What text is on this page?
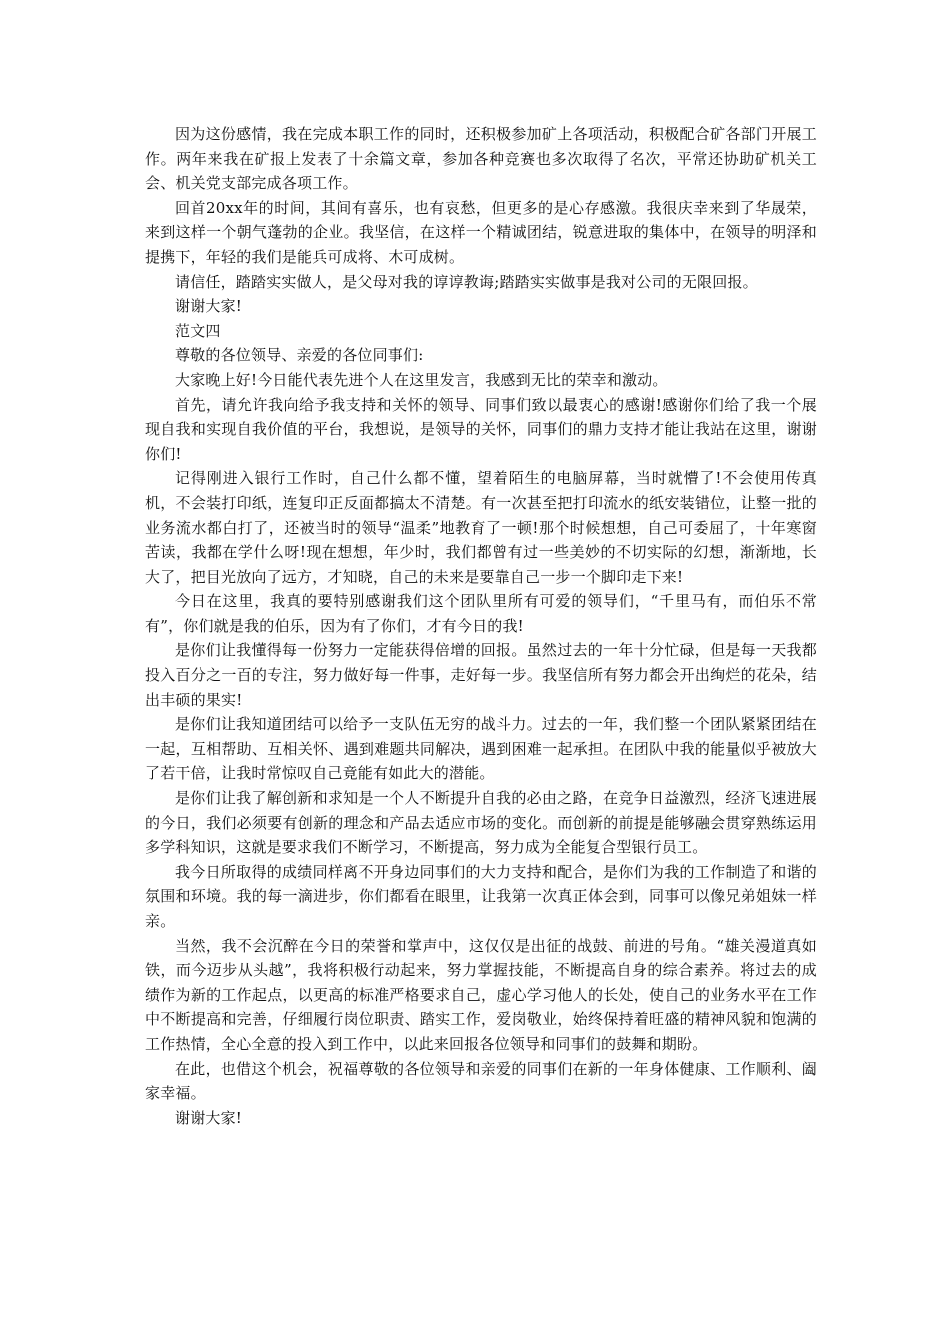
因为这份感情，我在完成本职工作的同时，还积极参加矿上各项活动，积极配合矿各部门开展工作。两年来我在矿报上发表了十余篇文章，参加各种竞赛也多次取得了名次，平常还协助矿机关工会、机关党支部完成各项工作。

回首20xx年的时间，其间有喜乐，也有哀愁，但更多的是心存感激。我很庆幸来到了华晟荣，来到这样一个朝气蓬勃的企业。我坚信，在这样一个精诚团结，锐意进取的集体中，在领导的明泽和提携下，年轻的我们是能兵可成将、木可成树。

请信任，踏踏实实做人，是父母对我的谆谆教诲;踏踏实实做事是我对公司的无限回报。

谢谢大家!

范文四

尊敬的各位领导、亲爱的各位同事们:

大家晚上好!今日能代表先进个人在这里发言，我感到无比的荣幸和激动。

首先，请允许我向给予我支持和关怀的领导、同事们致以最衷心的感谢!感谢你们给了我一个展现自我和实现自我价值的平台，我想说，是领导的关怀，同事们的鼎力支持才能让我站在这里，谢谢你们!

记得刚进入银行工作时，自己什么都不懂，望着陌生的电脑屏幕，当时就懵了!不会使用传真机，不会装打印纸，连复印正反面都搞太不清楚。有一次甚至把打印流水的纸安装错位，让整一批的业务流水都白打了，还被当时的领导“温柔”地教育了一顿!那个时候想想，自己可委屈了，十年寒窗苦读，我都在学什么呀!现在想想，年少时，我们都曾有过一些美妙的不切实际的幻想，渐渐地，长大了，把目光放向了远方，才知晓，自己的未来是要靠自己一步一个脚印走下来!

今日在这里，我真的要特别感谢我们这个团队里所有可爱的领导们，“千里马有，而伯乐不常有”，你们就是我的伯乐，因为有了你们，才有今日的我!

是你们让我懂得每一份努力一定能获得倍增的回报。虽然过去的一年十分忙碌，但是每一天我都投入百分之一百的专注，努力做好每一件事，走好每一步。我坚信所有努力都会开出绚烂的花朵，结出丰硕的果实!

是你们让我知道团结可以给予一支队伍无穷的战斗力。过去的一年，我们整一个团队紧紧团结在一起，互相帮助、互相关怀、遇到难题共同解决，遇到困难一起承担。在团队中我的能量似乎被放大了若干倍，让我时常惊叹自己竟能有如此大的潜能。

是你们让我了解创新和求知是一个人不断提升自我的必由之路，在竞争日益激烈，经济飞速进展的今日，我们必须要有创新的理念和产品去适应市场的变化。而创新的前提是能够融会贯穿熟练运用多学科知识，这就是要求我们不断学习，不断提高，努力成为全能复合型银行员工。

我今日所取得的成绩同样离不开身边同事们的大力支持和配合，是你们为我的工作制造了和谐的氛围和环境。我的每一滴进步，你们都看在眼里，让我第一次真正体会到，同事可以像兄弟姐妹一样亲。

当然，我不会沉醉在今日的荣誉和掌声中，这仅仅是出征的战鼓、前进的号角。“雄关漫道真如铁，而今迈步从头越”，我将积极行动起来，努力掌握技能，不断提高自身的综合素养。将过去的成绩作为新的工作起点，以更高的标准严格要求自己，虚心学习他人的长处，使自己的业务水平在工作中不断提高和完善，仔细履行岗位职责、踏实工作，爱岗敬业，始终保持着旺盛的精神风貌和饱满的工作热情，全心全意的投入到工作中，以此来回报各位领导和同事们的鼓舞和期盼。

在此，也借这个机会，祝福尊敬的各位领导和亲爱的同事们在新的一年身体健康、工作顺利、阖家幸福。

谢谢大家!
